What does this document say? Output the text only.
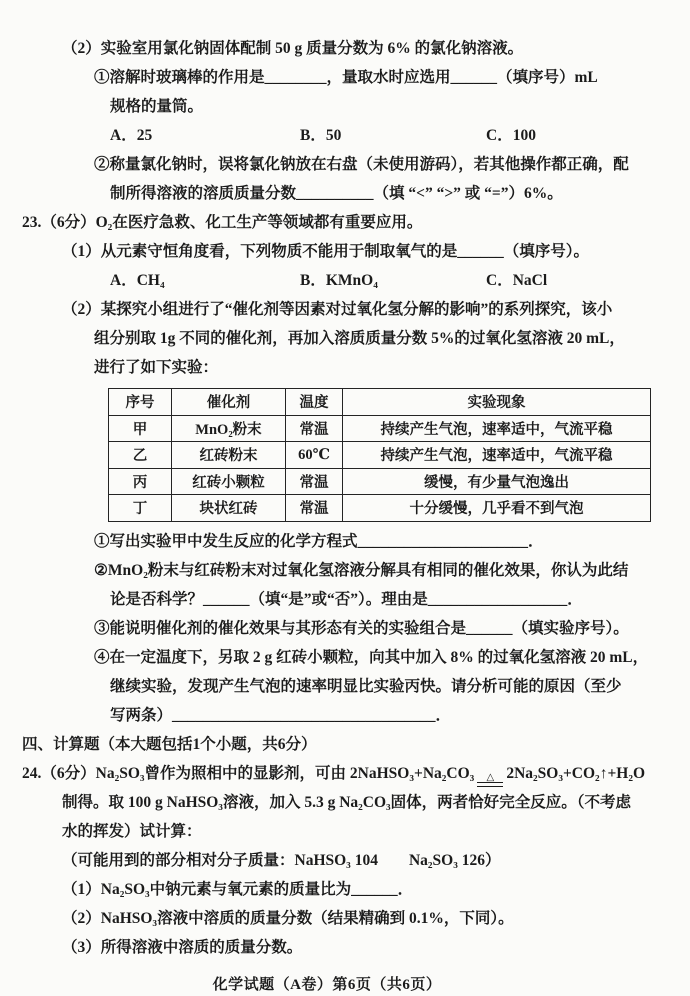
（2）实验室用氯化钠固体配制 50 g 质量分数为 6% 的氯化钠溶液。
①溶解时玻璃棒的作用是________，量取水时应选用______（填序号）mL
规格的量筒。
A．25	B．50	C．100
②称量氯化钠时，误将氯化钠放在右盘（未使用游码），若其他操作都正确，配
制所得溶液的溶质质量分数__________（填 “<” “>” 或 “=”）6%。
23.（6分）O₂在医疗急救、化工生产等领域都有重要应用。
（1）从元素守恒角度看，下列物质不能用于制取氧气的是______（填序号）。
A．CH₄	B．KMnO₄	C．NaCl
（2）某探究小组进行了“催化剂等因素对过氧化氢分解的影响”的系列探究，该小
组分别取 1g 不同的催化剂，再加入溶质质量分数 5%的过氧化氢溶液 20 mL，
进行了如下实验：
序号	催化剂	温度	实验现象
甲	MnO₂粉末	常温	持续产生气泡，速率适中，气流平稳
乙	红砖粉末	60℃	持续产生气泡，速率适中，气流平稳
丙	红砖小颗粒	常温	缓慢，有少量气泡逸出
丁	块状红砖	常温	十分缓慢，几乎看不到气泡
①写出实验甲中发生反应的化学方程式______________________．
②MnO₂粉末与红砖粉末对过氧化氢溶液分解具有相同的催化效果，你认为此结
论是否科学？______（填“是”或“否”）。理由是__________________．
③能说明催化剂的催化效果与其形态有关的实验组合是______（填实验序号）。
④在一定温度下，另取 2 g 红砖小颗粒，向其中加入 8% 的过氧化氢溶液 20 mL，
继续实验，发现产生气泡的速率明显比实验丙快。请分析可能的原因（至少
写两条）__________________________________．
四、计算题（本大题包括1个小题，共6分）
24.（6分）Na₂SO₃曾作为照相中的显影剂，可由 2NaHSO₃+Na₂CO₃	△ 2Na₂SO₃+CO₂↑+H₂O
制得。取 100 g NaHSO₃溶液，加入 5.3 g Na₂CO₃固体，两者恰好完全反应。（不考虑
水的挥发）试计算：
（可能用到的部分相对分子质量：NaHSO₃ 104　　Na₂SO₃ 126）
（1）Na₂SO₃中钠元素与氧元素的质量比为______．
（2）NaHSO₃溶液中溶质的质量分数（结果精确到 0.1%，下同）。
（3）所得溶液中溶质的质量分数。
化学试题（A卷）第6页（共6页）
